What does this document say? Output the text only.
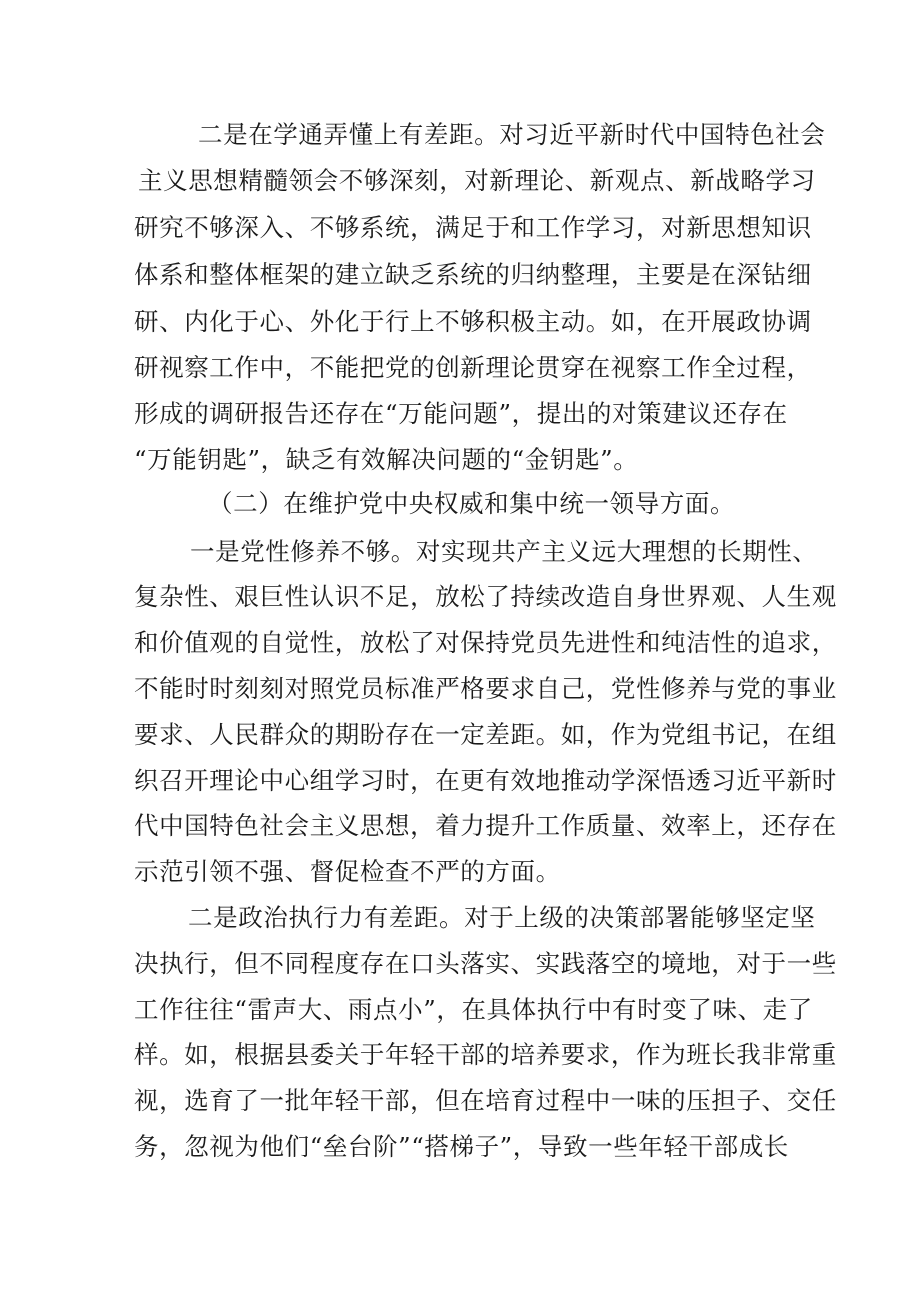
二是在学通弄懂上有差距。对习近平新时代中国特色社会
主义思想精髓领会不够深刻，对新理论、新观点、新战略学习
研究不够深入、不够系统，满足于和工作学习，对新思想知识
体系和整体框架的建立缺乏系统的归纳整理，主要是在深钻细
研、内化于心、外化于行上不够积极主动。如，在开展政协调
研视察工作中，不能把党的创新理论贯穿在视察工作全过程，
形成的调研报告还存在“万能问题”，提出的对策建议还存在
“万能钥匙”，缺乏有效解决问题的“金钥匙”。
（二）在维护党中央权威和集中统一领导方面。
一是党性修养不够。对实现共产主义远大理想的长期性、
复杂性、艰巨性认识不足，放松了持续改造自身世界观、人生观
和价值观的自觉性，放松了对保持党员先进性和纯洁性的追求，
不能时时刻刻对照党员标准严格要求自己，党性修养与党的事业
要求、人民群众的期盼存在一定差距。如，作为党组书记，在组
织召开理论中心组学习时，在更有效地推动学深悟透习近平新时
代中国特色社会主义思想，着力提升工作质量、效率上，还存在
示范引领不强、督促检查不严的方面。
二是政治执行力有差距。对于上级的决策部署能够坚定坚
决执行，但不同程度存在口头落实、实践落空的境地，对于一些
工作往往“雷声大、雨点小”，在具体执行中有时变了味、走了
样。如，根据县委关于年轻干部的培养要求，作为班长我非常重
视，选育了一批年轻干部，但在培育过程中一味的压担子、交任
务，忽视为他们“垒台阶”“搭梯子”，导致一些年轻干部成长
